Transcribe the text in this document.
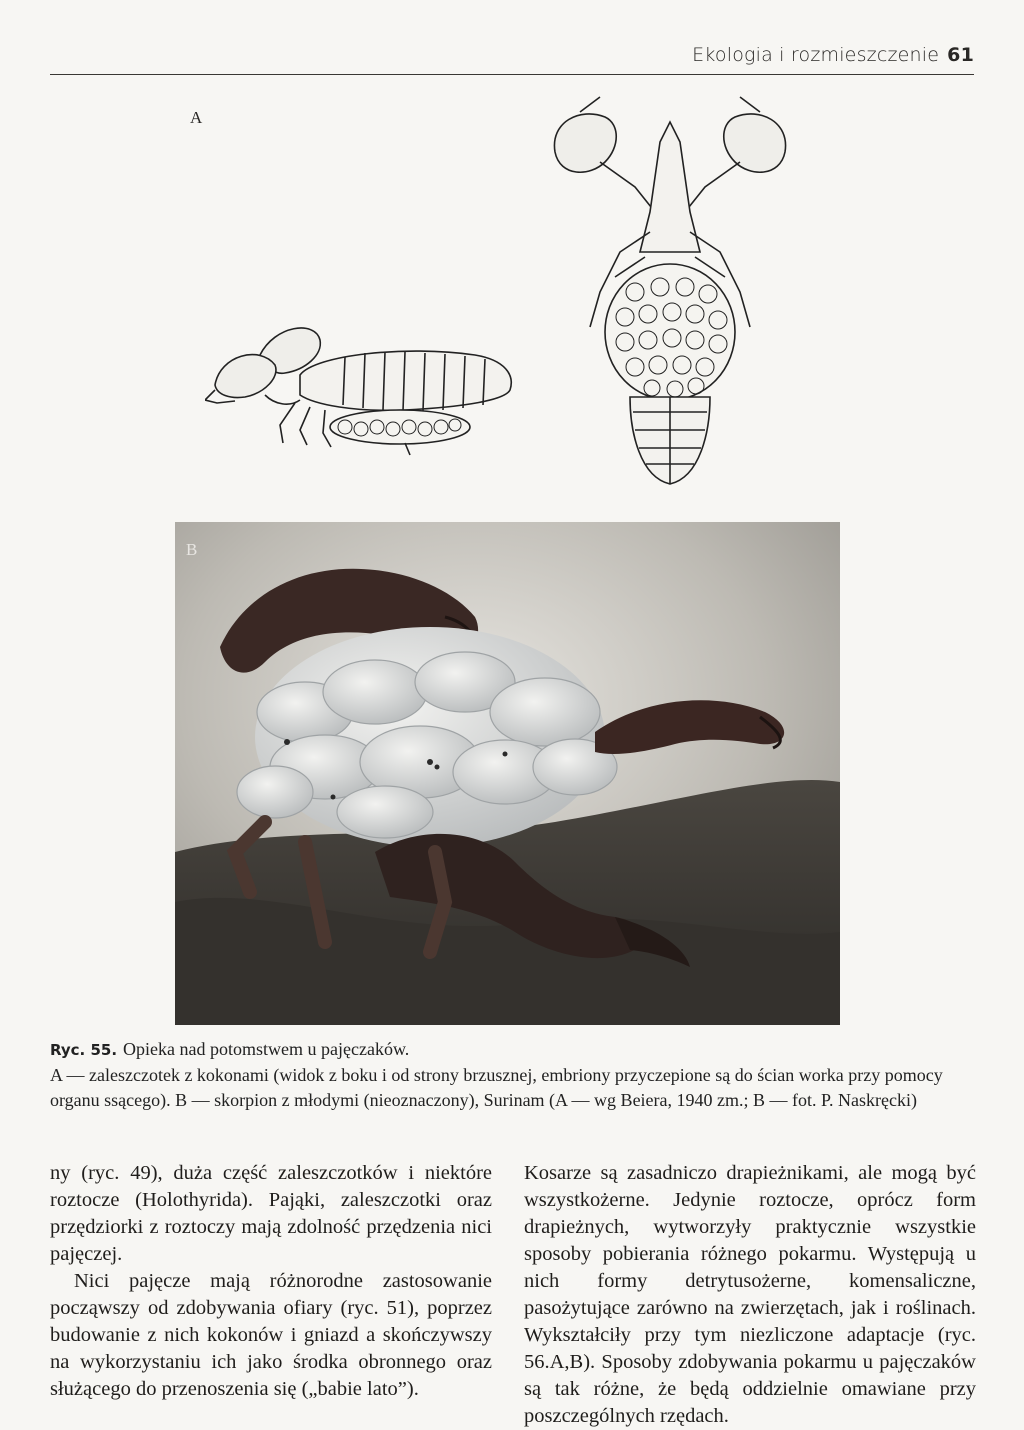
Ekologia i rozmieszczenie 61
A
B
Ryc. 55. Opieka nad potomstwem u pajęczaków.
A — zaleszczotek z kokonami (widok z boku i od strony brzusznej, embriony przyczepione są do ścian worka przy pomocy organu ssącego). B — skorpion z młodymi (nieoznaczony), Surinam (A — wg Beiera, 1940 zm.; B — fot. P. Naskręcki)

ny (ryc. 49), duża część zaleszczotków i niektóre roztocze (Holothyrida). Pająki, zaleszczotki oraz przędziorki z roztoczy mają zdolność przędzenia nici pajęczej.

Nici pajęcze mają różnorodne zastosowanie począwszy od zdobywania ofiary (ryc. 51), poprzez budowanie z nich kokonów i gniazd a skończywszy na wykorzystaniu ich jako środka obronnego oraz służącego do przenoszenia się („babie lato”).

Kosarze są zasadniczo drapieżnikami, ale mogą być wszystkożerne. Jedynie roztocze, oprócz form drapieżnych, wytworzyły praktycznie wszystkie sposoby pobierania różnego pokarmu. Występują u nich formy detrytusożerne, komensaliczne, pasożytujące zarówno na zwierzętach, jak i roślinach. Wykształciły przy tym niezliczone adaptacje (ryc. 56.A,B). Sposoby zdobywania pokarmu u pajęczaków są tak różne, że będą oddzielnie omawiane przy poszczególnych rzędach.
